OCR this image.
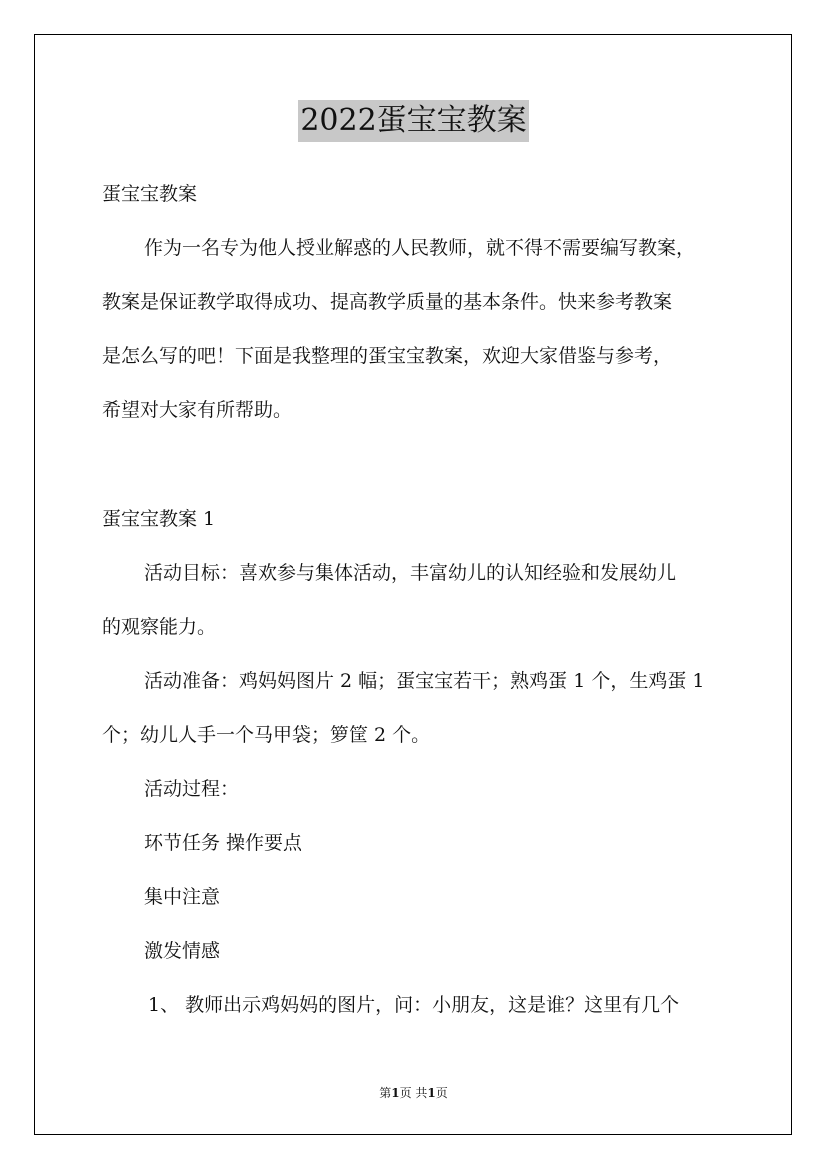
2022蛋宝宝教案
蛋宝宝教案
作为一名专为他人授业解惑的人民教师，就不得不需要编写教案，
教案是保证教学取得成功、提高教学质量的基本条件。快来参考教案
是怎么写的吧！下面是我整理的蛋宝宝教案，欢迎大家借鉴与参考，
希望对大家有所帮助。
蛋宝宝教案 1
活动目标：喜欢参与集体活动，丰富幼儿的认知经验和发展幼儿
的观察能力。
活动准备：鸡妈妈图片 2 幅；蛋宝宝若干；熟鸡蛋 1 个，生鸡蛋 1
个；幼儿人手一个马甲袋；箩筐 2 个。
活动过程：
环节任务 操作要点
集中注意
激发情感
1、 教师出示鸡妈妈的图片，问：小朋友，这是谁？这里有几个
第1页 共1页
